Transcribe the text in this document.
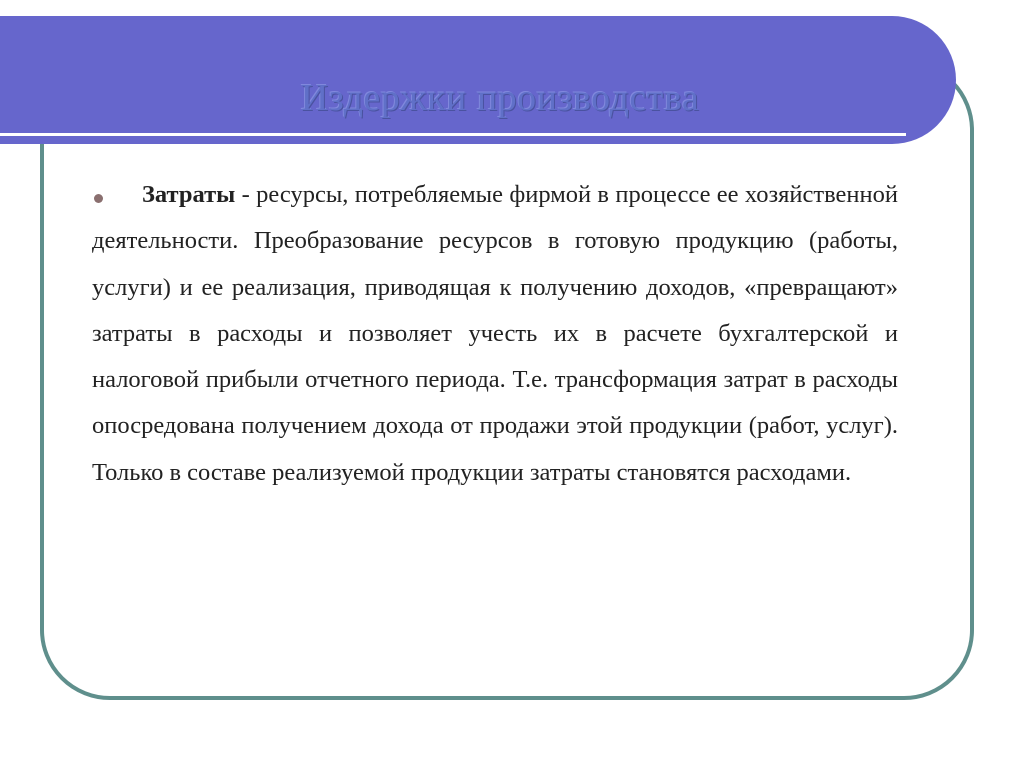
Издержки производства

Затраты - ресурсы, потребляемые фирмой в процессе ее хозяйственной деятельности. Преобразование ресурсов в готовую продукцию (работы, услуги) и ее реализация, приводящая к получению доходов, «превращают» затраты в расходы и позволяет учесть их в расчете бухгалтерской и налоговой прибыли отчетного периода. Т.е. трансформация затрат в расходы опосредована получением дохода от продажи этой продукции (работ, услуг). Только в составе реализуемой продукции затраты становятся расходами.
